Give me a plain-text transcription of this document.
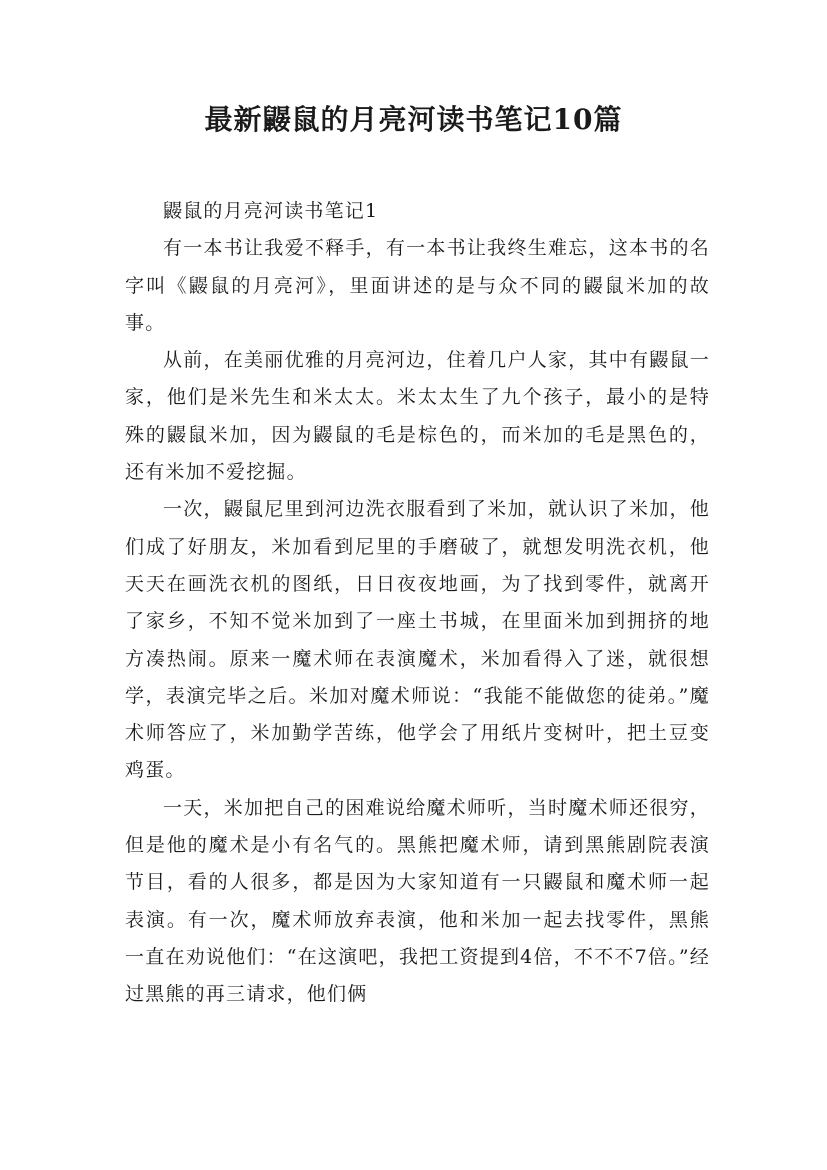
最新鼹鼠的月亮河读书笔记10篇

鼹鼠的月亮河读书笔记1

有一本书让我爱不释手，有一本书让我终生难忘，这本书的名字叫《鼹鼠的月亮河》，里面讲述的是与众不同的鼹鼠米加的故事。

从前，在美丽优雅的月亮河边，住着几户人家，其中有鼹鼠一家，他们是米先生和米太太。米太太生了九个孩子，最小的是特殊的鼹鼠米加，因为鼹鼠的毛是棕色的，而米加的毛是黑色的，还有米加不爱挖掘。

一次，鼹鼠尼里到河边洗衣服看到了米加，就认识了米加，他们成了好朋友，米加看到尼里的手磨破了，就想发明洗衣机，他天天在画洗衣机的图纸，日日夜夜地画，为了找到零件，就离开了家乡，不知不觉米加到了一座土书城，在里面米加到拥挤的地方凑热闹。原来一魔术师在表演魔术，米加看得入了迷，就很想学，表演完毕之后。米加对魔术师说：“我能不能做您的徒弟。”魔术师答应了，米加勤学苦练，他学会了用纸片变树叶，把土豆变鸡蛋。

一天，米加把自己的困难说给魔术师听，当时魔术师还很穷，但是他的魔术是小有名气的。黑熊把魔术师，请到黑熊剧院表演节目，看的人很多，都是因为大家知道有一只鼹鼠和魔术师一起表演。有一次，魔术师放弃表演，他和米加一起去找零件，黑熊一直在劝说他们：“在这演吧，我把工资提到4倍，不不不7倍。”经过黑熊的再三请求，他们俩
